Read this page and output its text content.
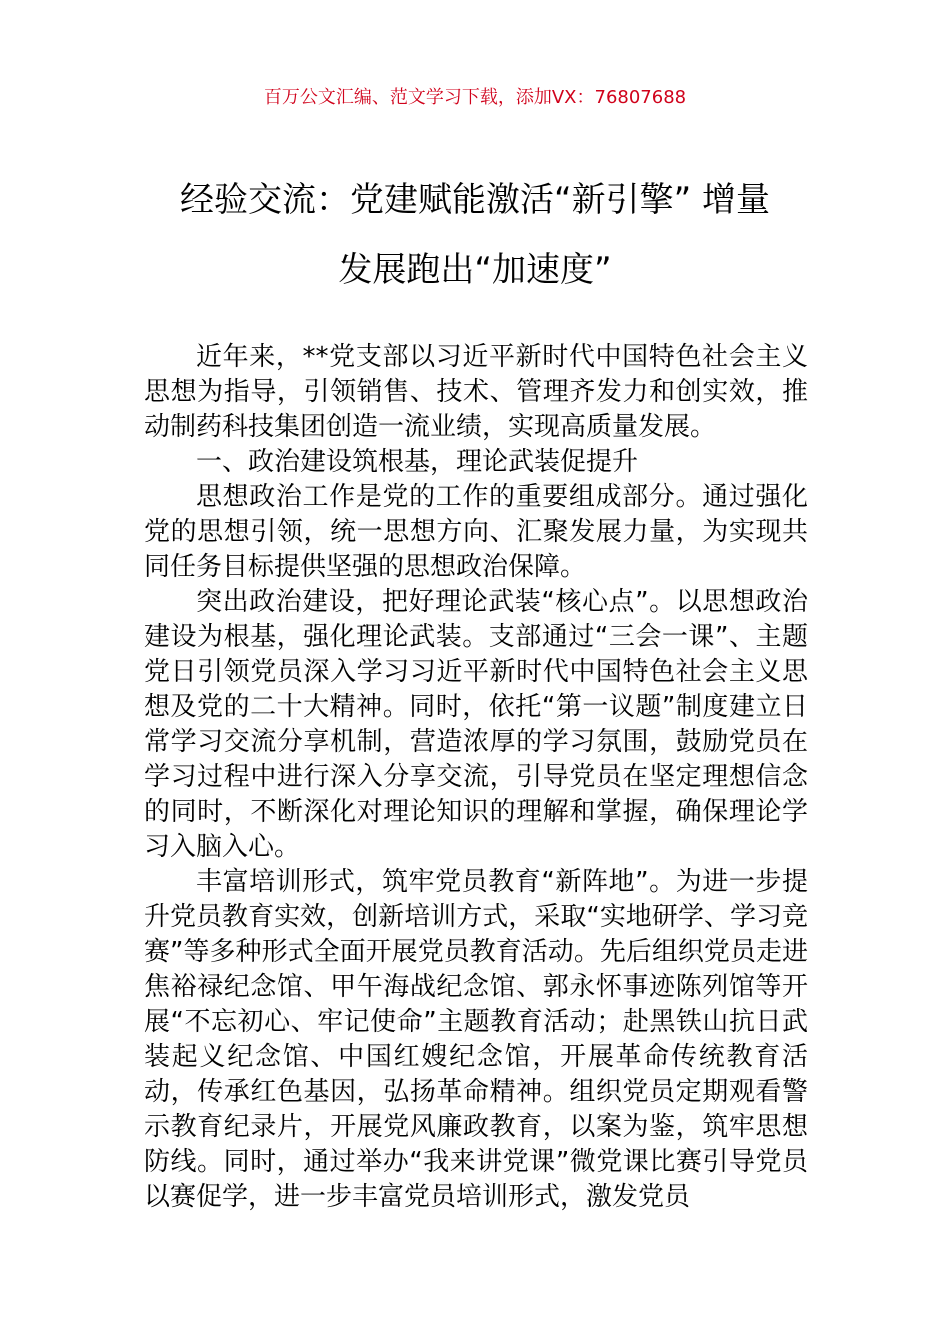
百万公文汇编、范文学习下载，添加VX：76807688
经验交流：党建赋能激活“新引擎” 增量
发展跑出“加速度”

近年来，**党支部以习近平新时代中国特色社会主义思想为指导，引领销售、技术、管理齐发力和创实效，推动制药科技集团创造一流业绩，实现高质量发展。

一、政治建设筑根基，理论武装促提升

思想政治工作是党的工作的重要组成部分。通过强化党的思想引领，统一思想方向、汇聚发展力量，为实现共同任务目标提供坚强的思想政治保障。

突出政治建设，把好理论武装“核心点”。以思想政治建设为根基，强化理论武装。支部通过“三会一课”、主题党日引领党员深入学习习近平新时代中国特色社会主义思想及党的二十大精神。同时，依托“第一议题”制度建立日常学习交流分享机制，营造浓厚的学习氛围，鼓励党员在学习过程中进行深入分享交流，引导党员在坚定理想信念的同时，不断深化对理论知识的理解和掌握，确保理论学习入脑入心。

丰富培训形式，筑牢党员教育“新阵地”。为进一步提升党员教育实效，创新培训方式，采取“实地研学、学习竞赛”等多种形式全面开展党员教育活动。先后组织党员走进焦裕禄纪念馆、甲午海战纪念馆、郭永怀事迹陈列馆等开展“不忘初心、牢记使命”主题教育活动；赴黑铁山抗日武装起义纪念馆、中国红嫂纪念馆，开展革命传统教育活动，传承红色基因，弘扬革命精神。组织党员定期观看警示教育纪录片，开展党风廉政教育，以案为鉴，筑牢思想防线。同时，通过举办“我来讲党课”微党课比赛引导党员以赛促学，进一步丰富党员培训形式，激发党员
